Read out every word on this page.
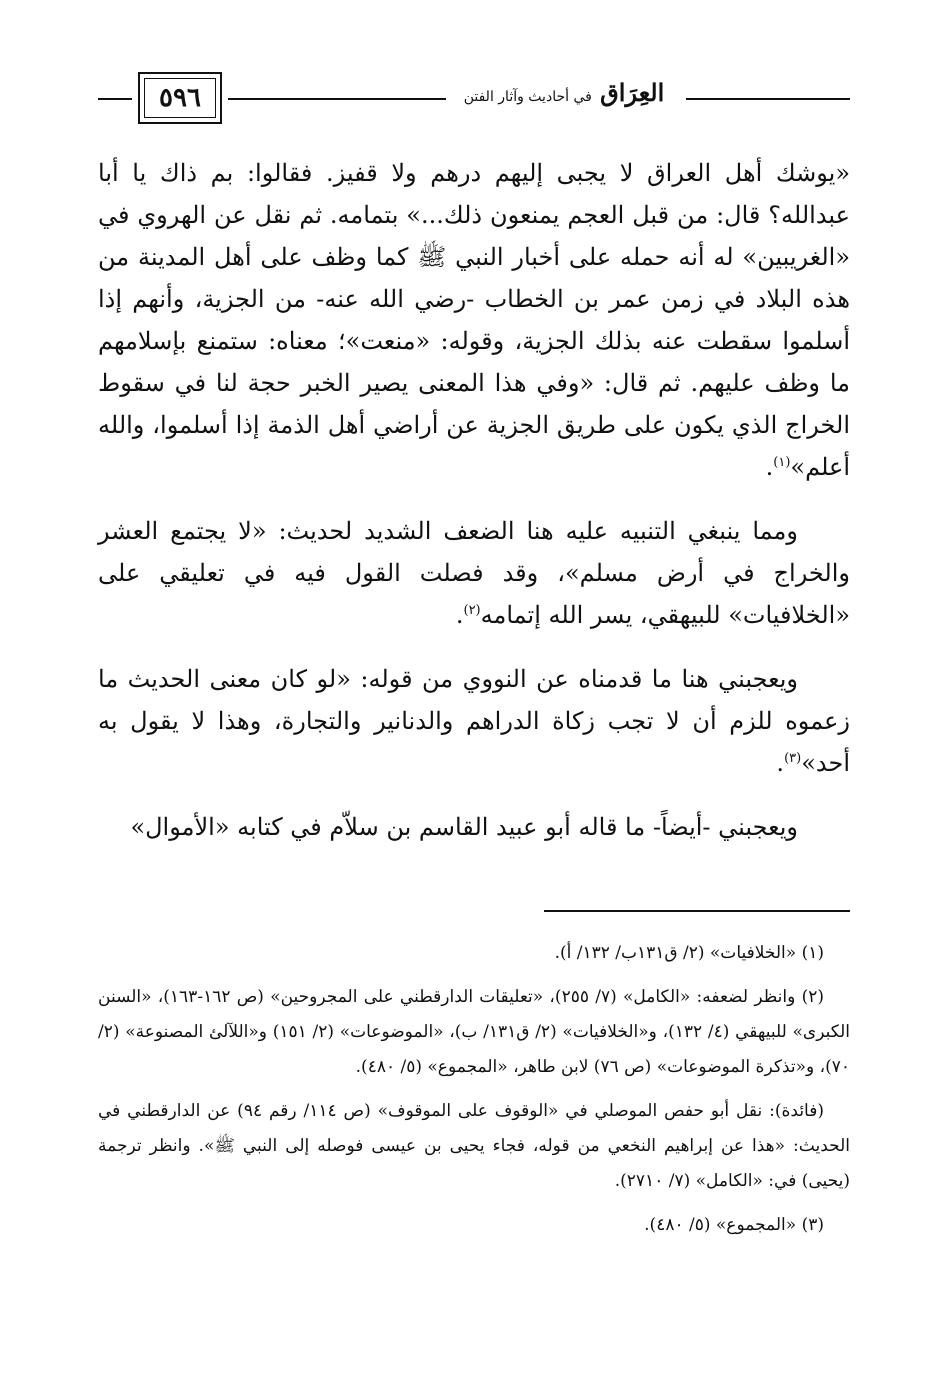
٥٩٦	العِرَاق في أحاديث وآثار الفتن

«يوشك أهل العراق لا يجبى إليهم درهم ولا قفيز. فقالوا: بم ذاك يا أبا عبدالله؟ قال: من قبل العجم يمنعون ذلك...» بتمامه. ثم نقل عن الهروي في «الغريبين» له أنه حمله على أخبار النبي ﷺ كما وظف على أهل المدينة من هذه البلاد في زمن عمر بن الخطاب -رضي الله عنه- من الجزية، وأنهم إذا أسلموا سقطت عنه بذلك الجزية، وقوله: «منعت»؛ معناه: ستمنع بإسلامهم ما وظف عليهم. ثم قال: «وفي هذا المعنى يصير الخبر حجة لنا في سقوط الخراج الذي يكون على طريق الجزية عن أراضي أهل الذمة إذا أسلموا، والله أعلم»$^{(١)}$.

ومما ينبغي التنبيه عليه هنا الضعف الشديد لحديث: «لا يجتمع العشر والخراج في أرض مسلم»، وقد فصلت القول فيه في تعليقي على «الخلافيات» للبيهقي، يسر الله إتمامه$^{(٢)}$.

ويعجبني هنا ما قدمناه عن النووي من قوله: «لو كان معنى الحديث ما زعموه للزم أن لا تجب زكاة الدراهم والدنانير والتجارة، وهذا لا يقول به أحد»$^{(٣)}$.

ويعجبني -أيضاً- ما قاله أبو عبيد القاسم بن سلاّم في كتابه «الأموال»

(١) «الخلافيات» (٢/ ق١٣١ب/ ١٣٢/ أ).

(٢) وانظر لضعفه: «الكامل» (٧/ ٢٥٥)، «تعليقات الدارقطني على المجروحين» (ص ١٦٢-١٦٣)، «السنن الكبرى» للبيهقي (٤/ ١٣٢)، و«الخلافيات» (٢/ ق١٣١/ ب)، «الموضوعات» (٢/ ١٥١) و«اللآلئ المصنوعة» (٢/ ٧٠)، و«تذكرة الموضوعات» (ص ٧٦) لابن طاهر، «المجموع» (٥/ ٤٨٠).

(فائدة): نقل أبو حفص الموصلي في «الوقوف على الموقوف» (ص ١١٤/ رقم ٩٤) عن الدارقطني في الحديث: «هذا عن إبراهيم النخعي من قوله، فجاء يحيى بن عيسى فوصله إلى النبي ﷺ». وانظر ترجمة (يحيى) في: «الكامل» (٧/ ٢٧١٠).

(٣) «المجموع» (٥/ ٤٨٠).
